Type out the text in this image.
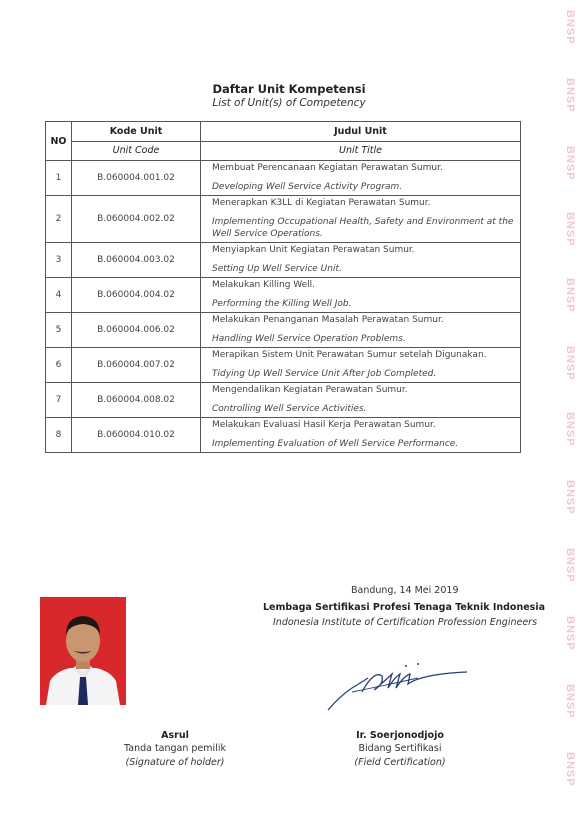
BNSP
BNSP
BNSP
BNSP
BNSP
BNSP
BNSP
BNSP
BNSP
BNSP
BNSP
BNSP
Daftar Unit Kompetensi
List of Unit(s) of Competency
NO	Kode Unit	Judul Unit
	Unit Code	Unit Title
1	B.060004.001.02	Membuat Perencanaan Kegiatan Perawatan Sumur.
Developing Well Service Activity Program.

2	B.060004.002.02	Menerapkan K3LL di Kegiatan Perawatan Sumur.
Implementing Occupational Health, Safety and Environment at the Well Service Operations.

3	B.060004.003.02	Menyiapkan Unit Kegiatan Perawatan Sumur.
Setting Up Well Service Unit.

4	B.060004.004.02	Melakukan Killing Well.
Performing the Killing Well Job.

5	B.060004.006.02	Melakukan Penanganan Masalah Perawatan Sumur.
Handling Well Service Operation Problems.

6	B.060004.007.02	Merapikan Sistem Unit Perawatan Sumur setelah Digunakan.
Tidying Up Well Service Unit After Job Completed.

7	B.060004.008.02	Mengendalikan Kegiatan Perawatan Sumur.
Controlling Well Service Activities.

8	B.060004.010.02	Melakukan Evaluasi Hasil Kerja Perawatan Sumur.
Implementing Evaluation of Well Service Performance.
Bandung, 14 Mei 2019
Lembaga Sertifikasi Profesi Tenaga Teknik Indonesia
Indonesia Institute of Certification Profession Engineers
Asrul
Tanda tangan pemilik
(Signature of holder)
Ir. Soerjonodjojo
Bidang Sertifikasi
(Field Certification)
